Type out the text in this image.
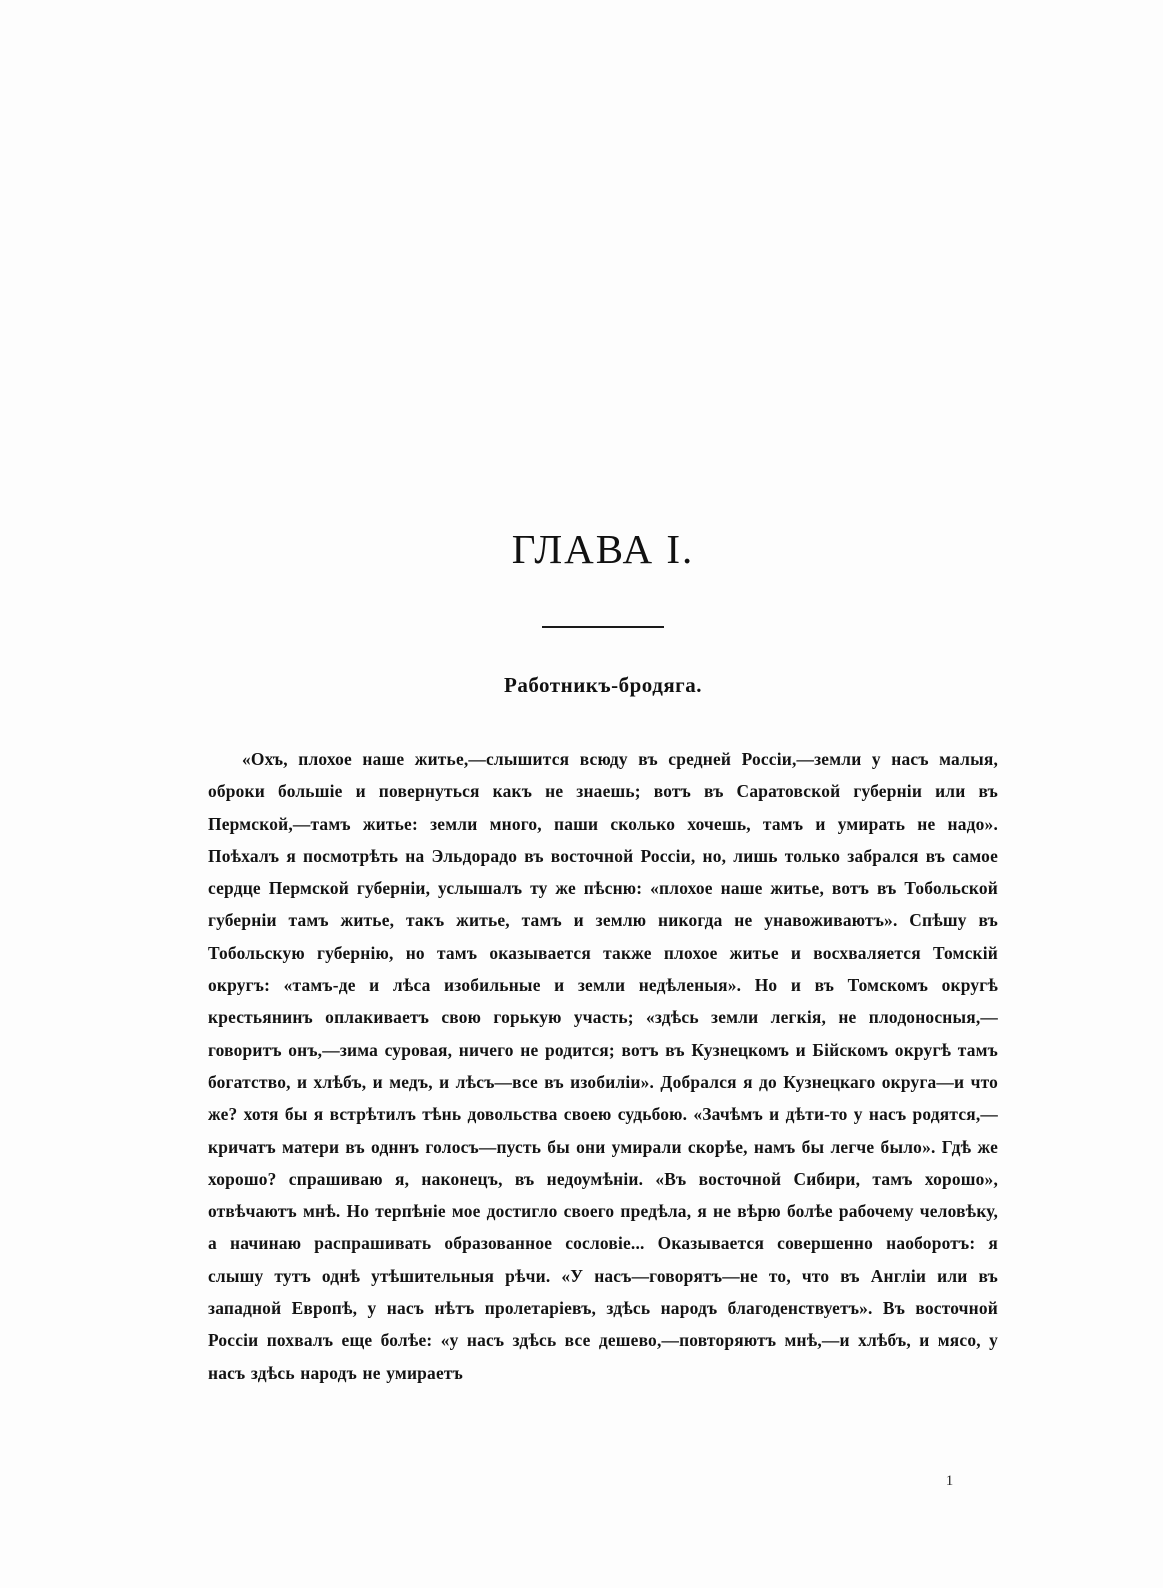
ГЛАВА I.
Работникъ-бродяга.

«Охъ, плохое наше житье,—слышится всюду въ средней Россіи,—земли у насъ малыя, оброки большіе и повернуться какъ не знаешь; вотъ въ Саратовской губерніи или въ Пермской,—тамъ житье: земли много, паши сколько хочешь, тамъ и умирать не надо». Поѣхалъ я посмотрѣть на Эльдорадо въ восточной Россіи, но, лишь только забрался въ самое сердце Пермской губерніи, услышалъ ту же пѣсню: «плохое наше житье, вотъ въ Тобольской губерніи тамъ житье, такъ житье, тамъ и землю никогда не унавоживаютъ». Спѣшу въ Тобольскую губернію, но тамъ оказывается также плохое житье и восхваляется Томскій округъ: «тамъ-де и лѣса изобильные и земли недѣленыя». Но и въ Томскомъ округѣ крестьянинъ оплакиваетъ свою горькую участь; «здѣсь земли легкія, не плодоносныя,—говоритъ онъ,—зима суровая, ничего не родится; вотъ въ Кузнецкомъ и Бійскомъ округѣ тамъ богатство, и хлѣбъ, и медъ, и лѣсъ—все въ изобиліи». Добрался я до Кузнецкаго округа—и что же? хотя бы я встрѣтилъ тѣнь довольства своею судьбою. «Зачѣмъ и дѣти-то у насъ родятся,—кричатъ матери въ одннъ голосъ—пусть бы они умирали скорѣе, намъ бы легче было». Гдѣ же хорошо? спрашиваю я, наконецъ, въ недоумѣніи. «Въ восточной Сибири, тамъ хорошо», отвѣчаютъ мнѣ. Но терпѣніе мое достигло своего предѣла, я не вѣрю болѣе рабочему человѣку, а начинаю распрашивать образованное сословіе... Оказывается совершенно наоборотъ: я слышу тутъ однѣ утѣшительныя рѣчи. «У насъ—говорятъ—не то, что въ Англіи или въ западной Европѣ, у насъ нѣтъ пролетаріевъ, здѣсь народъ благоденствуетъ». Въ восточной Россіи похвалъ еще болѣе: «у насъ здѣсь все дешево,—повторяютъ мнѣ,—и хлѣбъ, и мясо, у насъ здѣсь народъ не умираетъ

1
